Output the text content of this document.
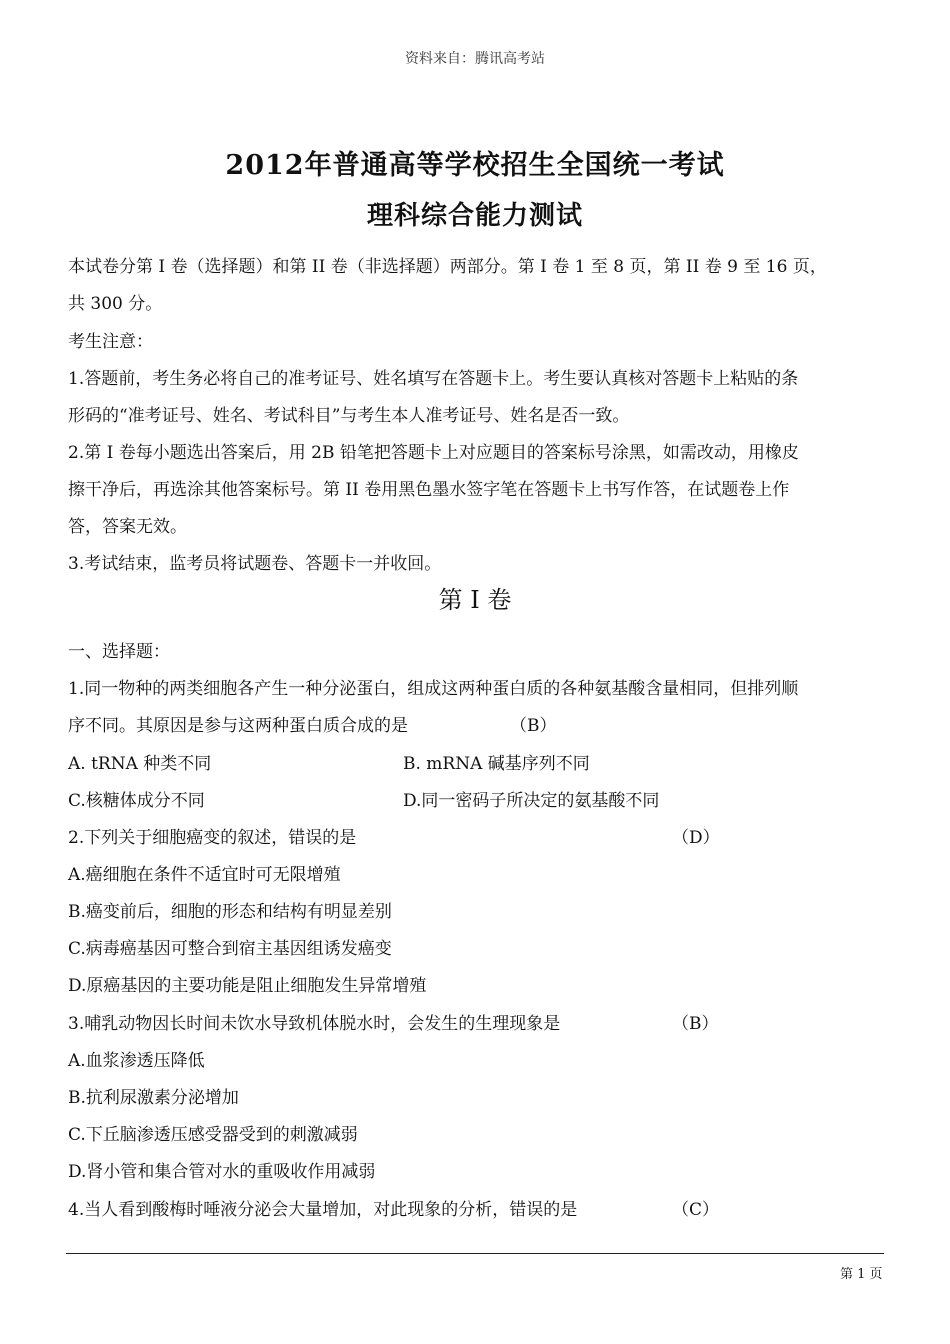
资料来自：腾讯高考站
2012年普通高等学校招生全国统一考试
理科综合能力测试
本试卷分第 I 卷（选择题）和第 II 卷（非选择题）两部分。第 I 卷 1 至 8 页，第 II 卷 9 至 16 页，
共 300 分。
考生注意：
1.答题前，考生务必将自己的准考证号、姓名填写在答题卡上。考生要认真核对答题卡上粘贴的条
形码的“准考证号、姓名、考试科目”与考生本人准考证号、姓名是否一致。
2.第 I 卷每小题选出答案后，用 2B 铅笔把答题卡上对应题目的答案标号涂黑，如需改动，用橡皮
擦干净后，再选涂其他答案标号。第 II 卷用黑色墨水签字笔在答题卡上书写作答，在试题卷上作
答，答案无效。
3.考试结束，监考员将试题卷、答题卡一并收回。
第 I 卷
一、选择题：
1.同一物种的两类细胞各产生一种分泌蛋白，组成这两种蛋白质的各种氨基酸含量相同，但排列顺
序不同。其原因是参与这两种蛋白质合成的是	（B）
A. tRNA 种类不同	B. mRNA 碱基序列不同
C.核糖体成分不同	D.同一密码子所决定的氨基酸不同
2.下列关于细胞癌变的叙述，错误的是	（D）
A.癌细胞在条件不适宜时可无限增殖
B.癌变前后，细胞的形态和结构有明显差别
C.病毒癌基因可整合到宿主基因组诱发癌变
D.原癌基因的主要功能是阻止细胞发生异常增殖
3.哺乳动物因长时间未饮水导致机体脱水时，会发生的生理现象是	（B）
A.血浆渗透压降低
B.抗利尿激素分泌增加
C.下丘脑渗透压感受器受到的刺激减弱
D.肾小管和集合管对水的重吸收作用减弱
4.当人看到酸梅时唾液分泌会大量增加，对此现象的分析，错误的是	（C）
第 1 页
